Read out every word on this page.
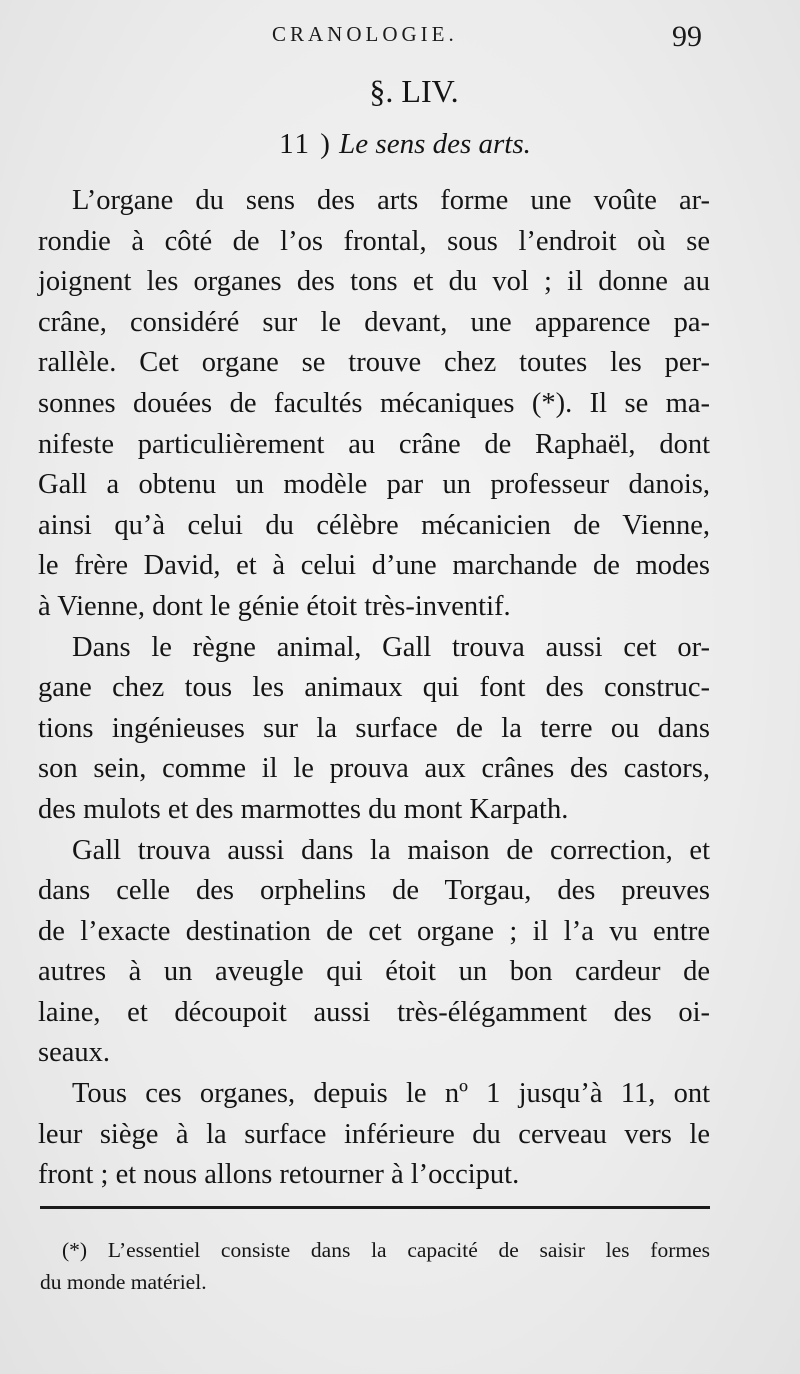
CRANOLOGIE.	99
§. LIV.
11 ) Le sens des arts.
L’organe du sens des arts forme une voûte ar-
rondie à côté de l’os frontal, sous l’endroit où se
joignent les organes des tons et du vol ; il donne au
crâne, considéré sur le devant, une apparence pa-
rallèle. Cet organe se trouve chez toutes les per-
sonnes douées de facultés mécaniques (*). Il se ma-
nifeste particulièrement au crâne de Raphaël, dont
Gall a obtenu un modèle par un professeur danois,
ainsi qu’à celui du célèbre mécanicien de Vienne,
le frère David, et à celui d’une marchande de modes
à Vienne, dont le génie étoit très-inventif.
Dans le règne animal, Gall trouva aussi cet or-
gane chez tous les animaux qui font des construc-
tions ingénieuses sur la surface de la terre ou dans
son sein, comme il le prouva aux crânes des castors,
des mulots et des marmottes du mont Karpath.
Gall trouva aussi dans la maison de correction, et
dans celle des orphelins de Torgau, des preuves
de l’exacte destination de cet organe ; il l’a vu entre
autres à un aveugle qui étoit un bon cardeur de
laine, et découpoit aussi très-élégamment des oi-
seaux.
Tous ces organes, depuis le nº 1 jusqu’à 11, ont
leur siège à la surface inférieure du cerveau vers le
front ; et nous allons retourner à l’occiput.
(*) L’essentiel consiste dans la capacité de saisir les formes
du monde matériel.
